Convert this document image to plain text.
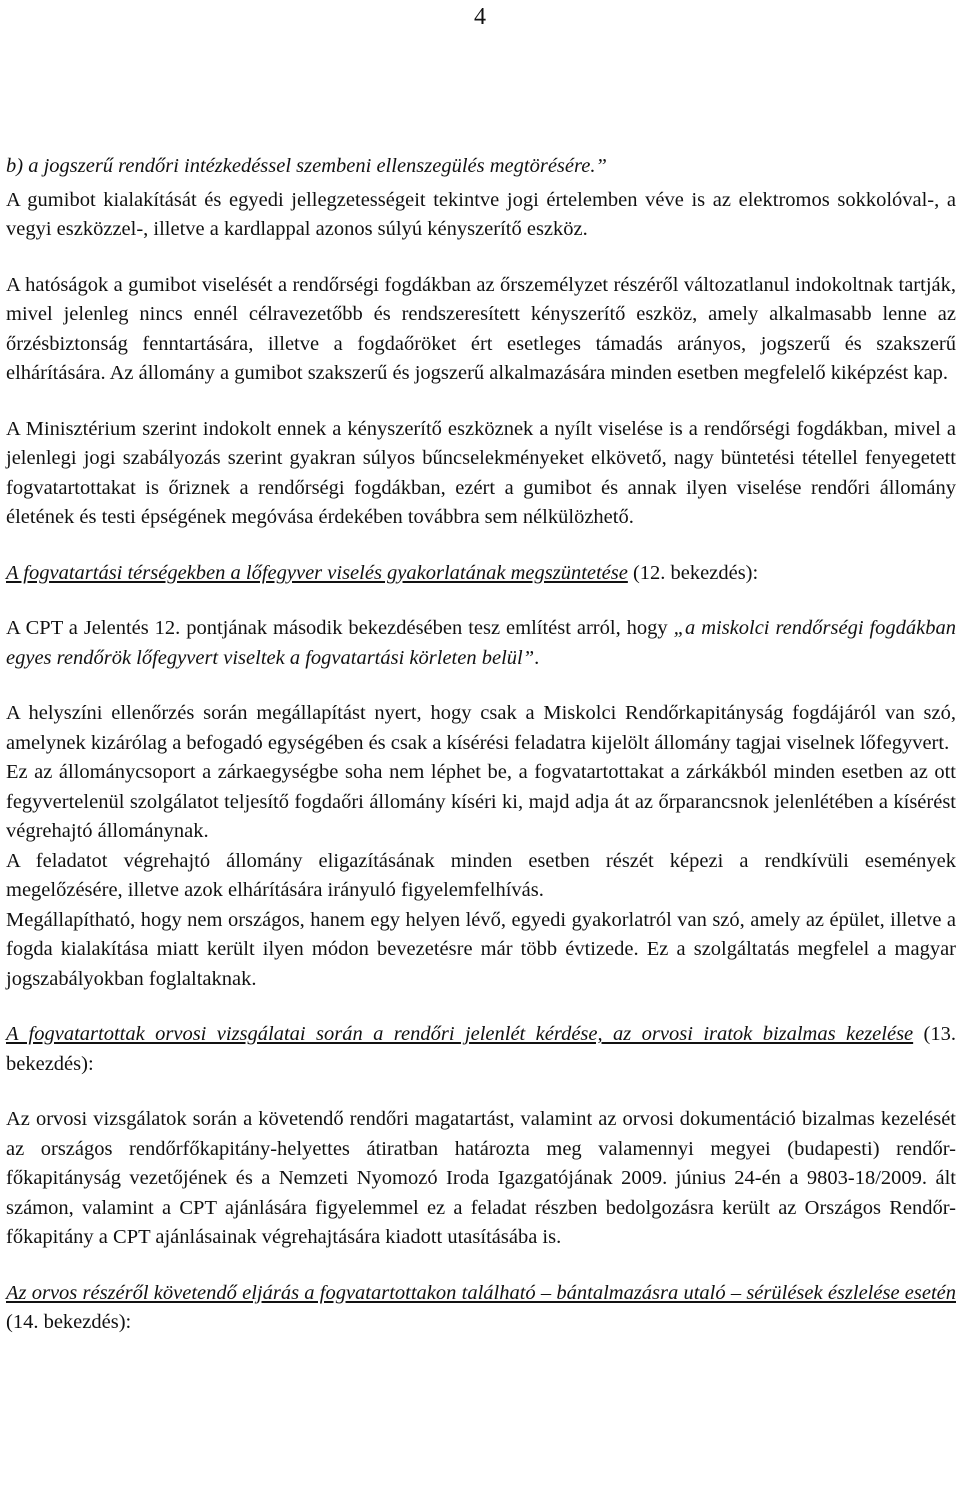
4

b) a jogszerű rendőri intézkedéssel szembeni ellenszegülés megtörésére.”

A gumibot kialakítását és egyedi jellegzetességeit tekintve jogi értelemben véve is az elektromos sokkolóval-, a vegyi eszközzel-, illetve a kardlappal azonos súlyú kényszerítő eszköz.

A hatóságok a gumibot viselését a rendőrségi fogdákban az őrszemélyzet részéről változatlanul indokoltnak tartják, mivel jelenleg nincs ennél célravezetőbb és rendszeresített kényszerítő eszköz, amely alkalmasabb lenne az őrzésbiztonság fenntartására, illetve a fogdaőröket ért esetleges támadás arányos, jogszerű és szakszerű elhárítására. Az állomány a gumibot szakszerű és jogszerű alkalmazására minden esetben megfelelő kiképzést kap.

A Minisztérium szerint indokolt ennek a kényszerítő eszköznek a nyílt viselése is a rendőrségi fogdákban, mivel a jelenlegi jogi szabályozás szerint gyakran súlyos bűncselekményeket elkövető, nagy büntetési tétellel fenyegetett fogvatartottakat is őriznek a rendőrségi fogdákban, ezért a gumibot és annak ilyen viselése rendőri állomány életének és testi épségének megóvása érdekében továbbra sem nélkülözhető.

A fogvatartási térségekben a lőfegyver viselés gyakorlatának megszüntetése (12. bekezdés):

A CPT a Jelentés 12. pontjának második bekezdésében tesz említést arról, hogy „a miskolci rendőrségi fogdákban egyes rendőrök lőfegyvert viseltek a fogvatartási körleten belül”.

A helyszíni ellenőrzés során megállapítást nyert, hogy csak a Miskolci Rendőrkapitányság fogdájáról van szó, amelynek kizárólag a befogadó egységében és csak a kísérési feladatra kijelölt állomány tagjai viselnek lőfegyvert.

Ez az állománycsoport a zárkaegységbe soha nem léphet be, a fogvatartottakat a zárkákból minden esetben az ott fegyvertelenül szolgálatot teljesítő fogdaőri állomány kíséri ki, majd adja át az őrparancsnok jelenlétében a kísérést végrehajtó állománynak.

A feladatot végrehajtó állomány eligazításának minden esetben részét képezi a rendkívüli események megelőzésére, illetve azok elhárítására irányuló figyelemfelhívás.

Megállapítható, hogy nem országos, hanem egy helyen lévő, egyedi gyakorlatról van szó, amely az épület, illetve a fogda kialakítása miatt került ilyen módon bevezetésre már több évtizede. Ez a szolgáltatás megfelel a magyar jogszabályokban foglaltaknak.

A fogvatartottak orvosi vizsgálatai során a rendőri jelenlét kérdése, az orvosi iratok bizalmas kezelése (13. bekezdés):

Az orvosi vizsgálatok során a követendő rendőri magatartást, valamint az orvosi dokumentáció bizalmas kezelését az országos rendőrfőkapitány-helyettes átiratban határozta meg valamennyi megyei (budapesti) rendőr-főkapitányság vezetőjének és a Nemzeti Nyomozó Iroda Igazgatójának 2009. június 24-én a 9803-18/2009. ált számon, valamint a CPT ajánlására figyelemmel ez a feladat részben bedolgozásra került az Országos Rendőr-főkapitány a CPT ajánlásainak végrehajtására kiadott utasításába is.

Az orvos részéről követendő eljárás a fogvatartottakon található – bántalmazásra utaló – sérülések észlelése esetén (14. bekezdés):
